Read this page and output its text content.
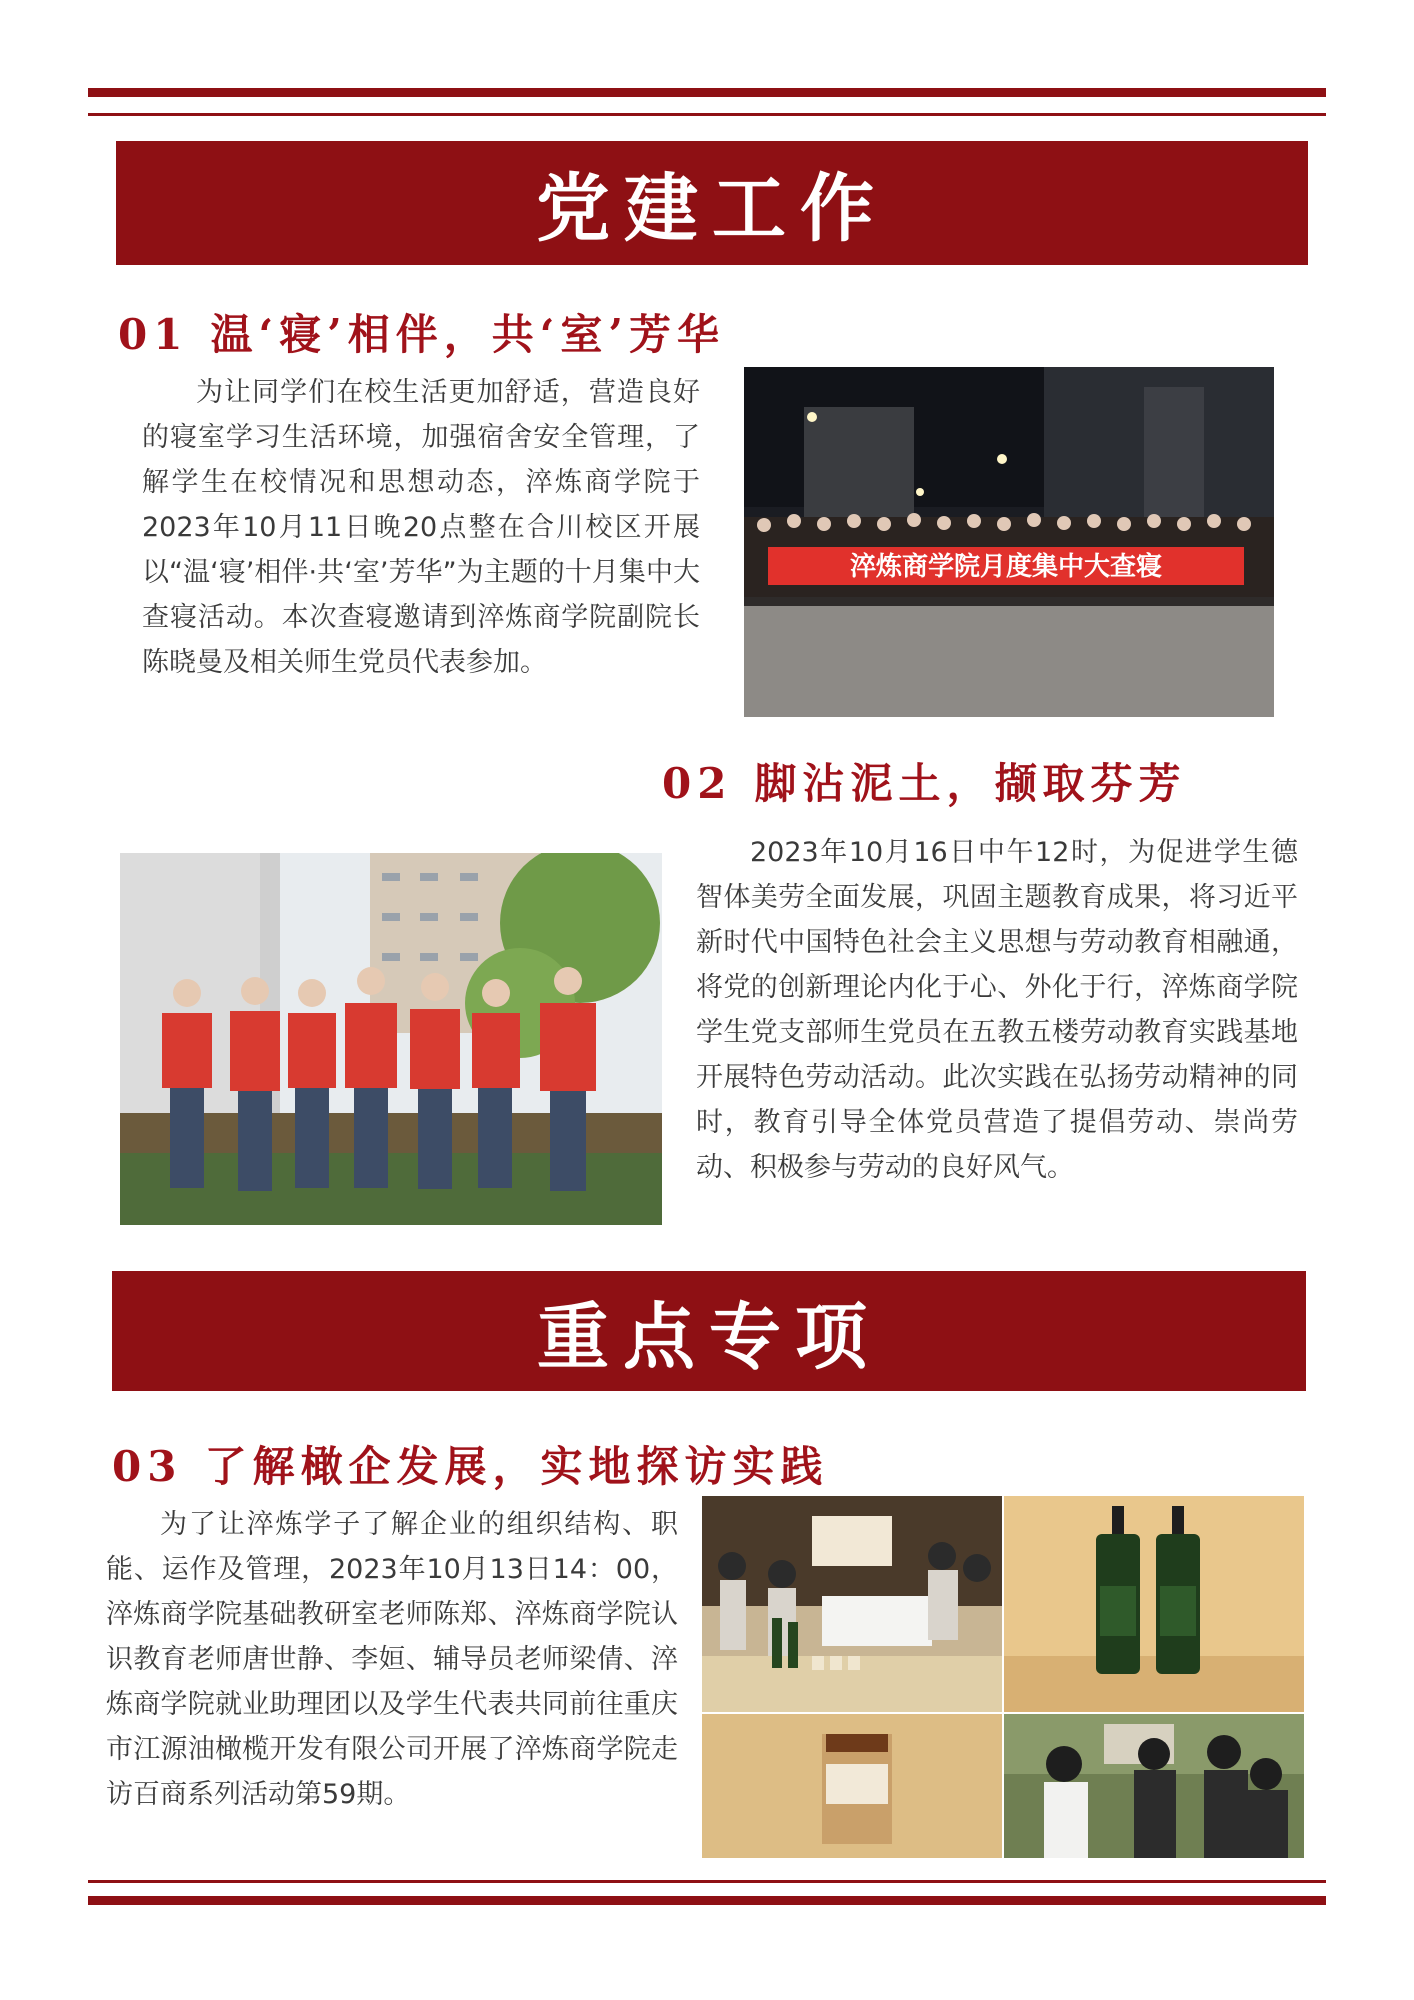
党建工作
01 温‘寝’相伴，共‘室’芳华

为让同学们在校生活更加舒适，营造良好的寝室学习生活环境，加强宿舍安全管理，了解学生在校情况和思想动态，淬炼商学院于2023年10月11日晚20点整在合川校区开展以“温‘寝’相伴·共‘室’芳华”为主题的十月集中大查寝活动。本次查寝邀请到淬炼商学院副院长陈晓曼及相关师生党员代表参加。

淬炼商学院月度集中大查寝
02 脚沾泥土，撷取芬芳

2023年10月16日中午12时，为促进学生德智体美劳全面发展，巩固主题教育成果，将习近平新时代中国特色社会主义思想与劳动教育相融通，将党的创新理论内化于心、外化于行，淬炼商学院学生党支部师生党员在五教五楼劳动教育实践基地开展特色劳动活动。此次实践在弘扬劳动精神的同时，教育引导全体党员营造了提倡劳动、崇尚劳动、积极参与劳动的良好风气。

重点专项
03 了解橄企发展，实地探访实践

为了让淬炼学子了解企业的组织结构、职能、运作及管理，2023年10月13日14：00，淬炼商学院基础教研室老师陈郑、淬炼商学院认识教育老师唐世静、李姮、辅导员老师梁倩、淬炼商学院就业助理团以及学生代表共同前往重庆市江源油橄榄开发有限公司开展了淬炼商学院走访百商系列活动第59期。
